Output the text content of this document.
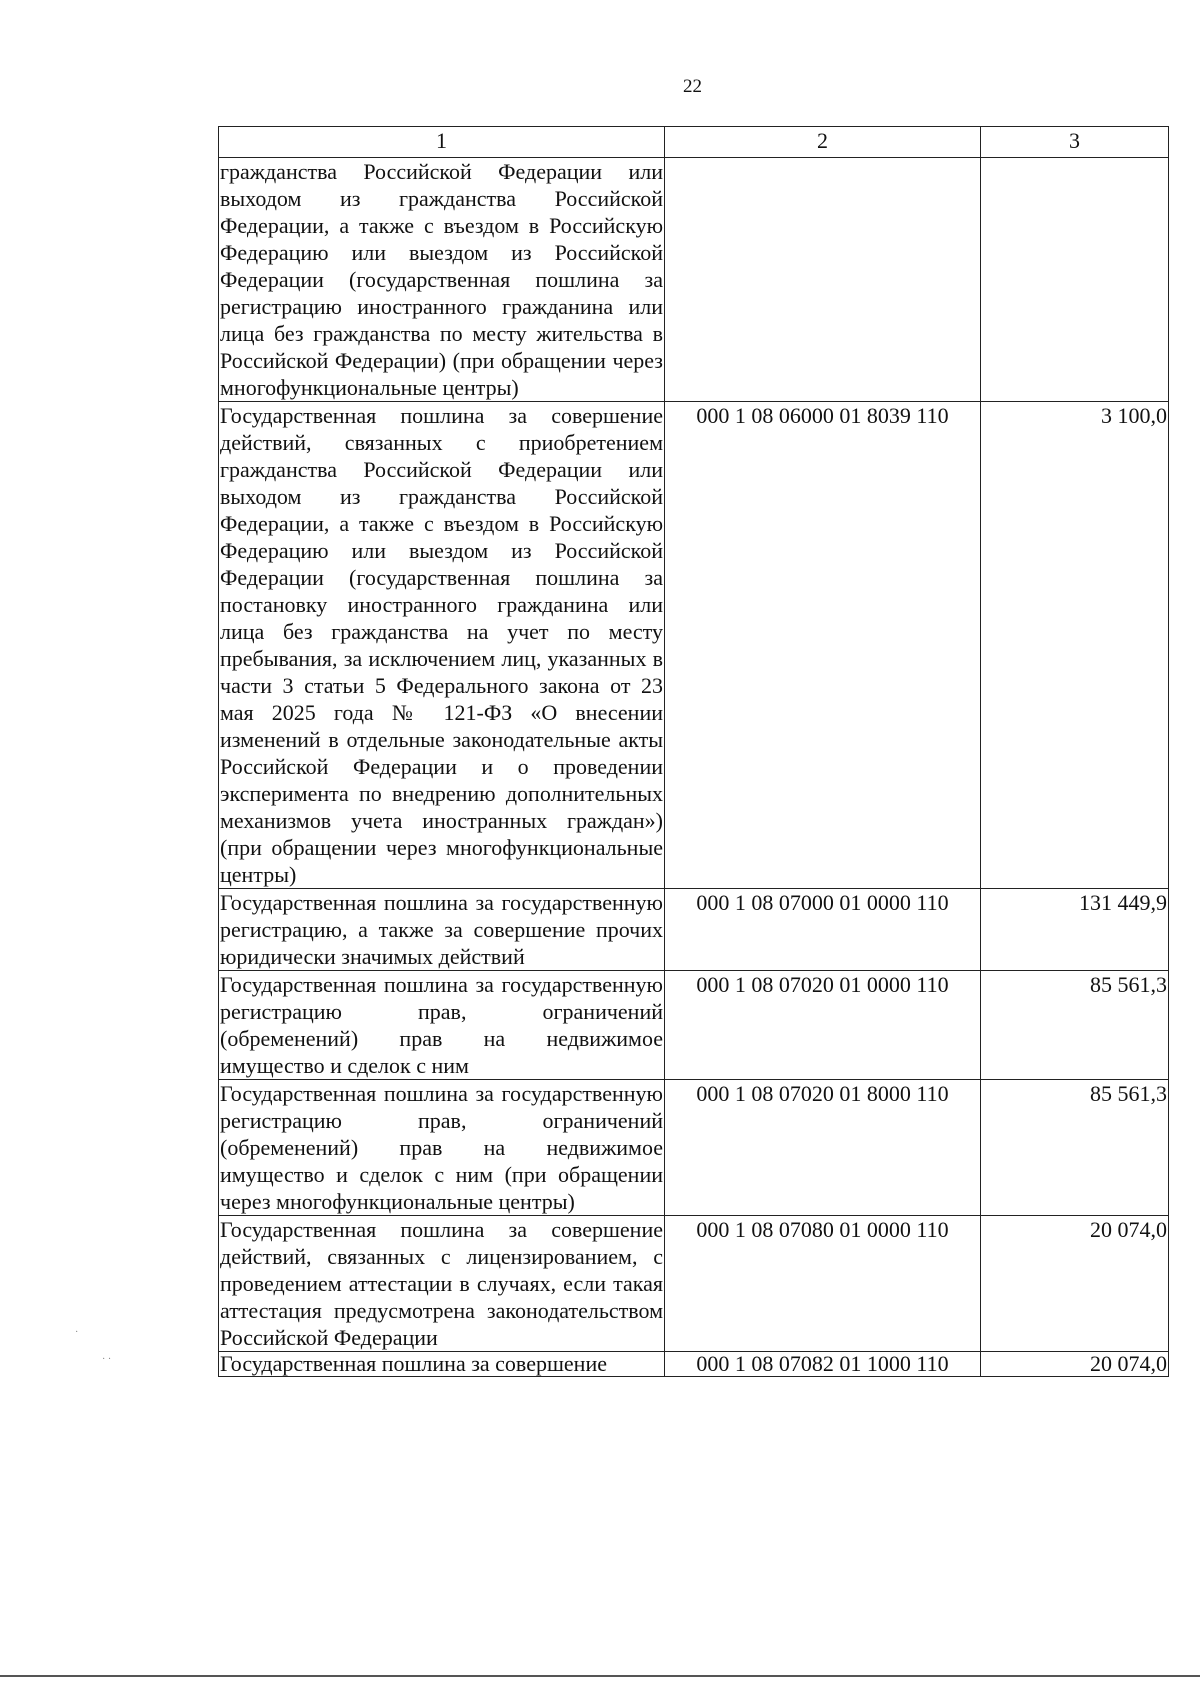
22
1	2	3
гражданства Российской Федерации или выходом из гражданства Российской Федерации, а также с въездом в Российскую Федерацию или выездом из Российской Федерации (государственная пошлина за регистрацию иностранного гражданина или лица без гражданства по месту жительства в Российской Федерации) (при обращении через многофункциональные центры)		
Государственная пошлина за совершение действий, связанных с приобретением гражданства Российской Федерации или выходом из гражданства Российской Федерации, а также с въездом в Российскую Федерацию или выездом из Российской Федерации (государственная пошлина за постановку иностранного гражданина или лица без гражданства на учет по месту пребывания, за исключением лиц, указанных в части 3 статьи 5 Федерального закона от 23 мая 2025 года № 121-ФЗ «О внесении изменений в отдельные законодательные акты Российской Федерации и о проведении эксперимента по внедрению дополнительных механизмов учета иностранных граждан») (при обращении через многофункциональные центры)	000 1 08 06000 01 8039 110	3 100,0
Государственная пошлина за государственную регистрацию, а также за совершение прочих юридически значимых действий	000 1 08 07000 01 0000 110	131 449,9
Государственная пошлина за государственную регистрацию прав, ограничений (обременений) прав на недвижимое имущество и сделок с ним	000 1 08 07020 01 0000 110	85 561,3
Государственная пошлина за государственную регистрацию прав, ограничений (обременений) прав на недвижимое имущество и сделок с ним (при обращении через многофункциональные центры)	000 1 08 07020 01 8000 110	85 561,3
Государственная пошлина за совершение действий, связанных с лицензированием, с проведением аттестации в случаях, если такая аттестация предусмотрена законодательством Российской Федерации	000 1 08 07080 01 0000 110	20 074,0
Государственная пошлина за совершение	000 1 08 07082 01 1000 110	20 074,0
·
· ·
